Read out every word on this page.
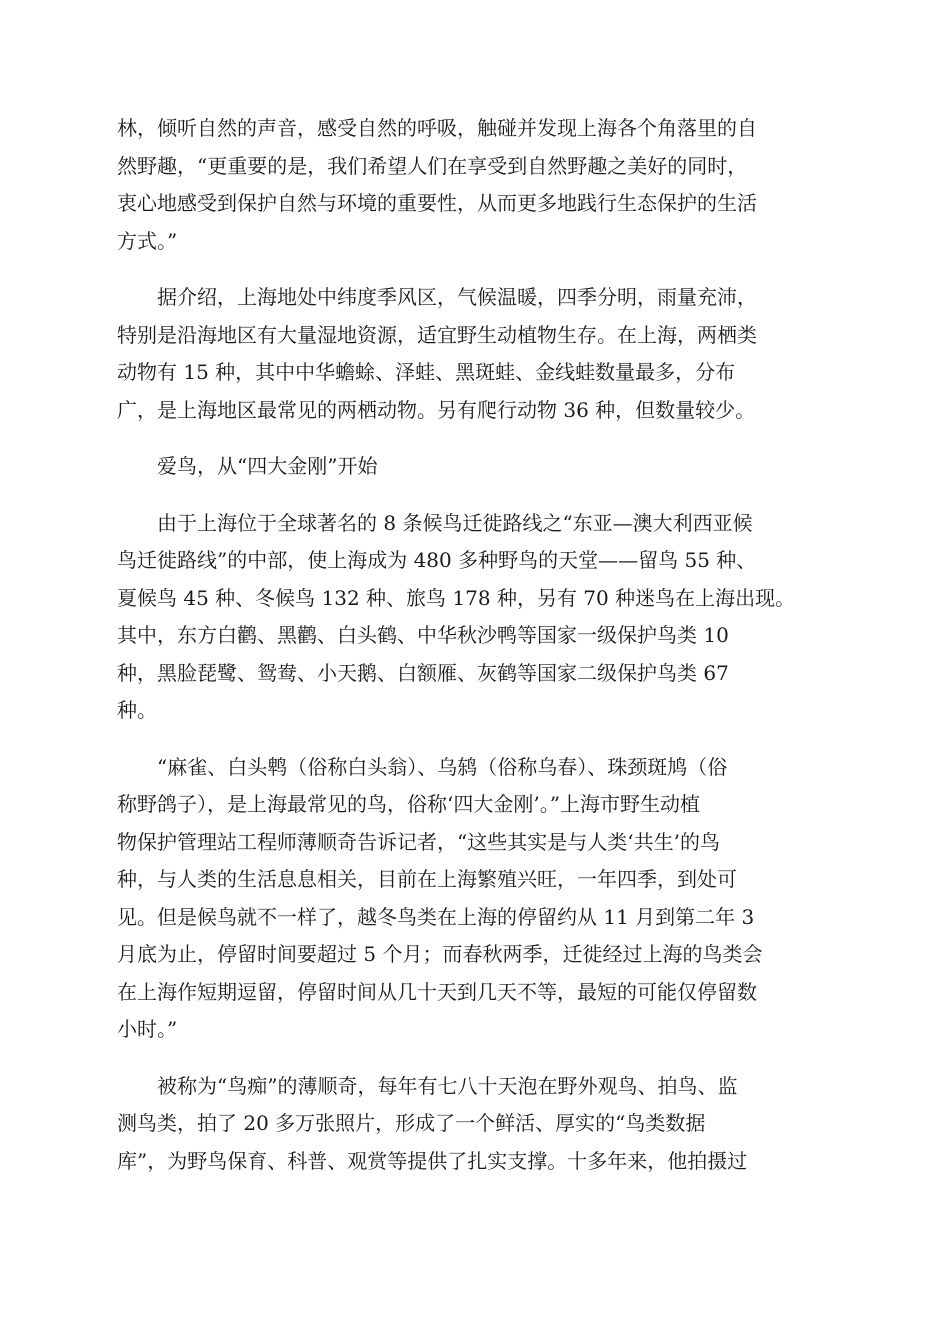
林，倾听自然的声音，感受自然的呼吸，触碰并发现上海各个角落里的自
然野趣，“更重要的是，我们希望人们在享受到自然野趣之美好的同时，
衷心地感受到保护自然与环境的重要性，从而更多地践行生态保护的生活
方式。”

　　据介绍，上海地处中纬度季风区，气候温暖，四季分明，雨量充沛，
特别是沿海地区有大量湿地资源，适宜野生动植物生存。在上海，两栖类
动物有 15 种，其中中华蟾蜍、泽蛙、黑斑蛙、金线蛙数量最多，分布
广，是上海地区最常见的两栖动物。另有爬行动物 36 种，但数量较少。

　　爱鸟，从“四大金刚”开始

　　由于上海位于全球著名的 8 条候鸟迁徙路线之“东亚—澳大利西亚候
鸟迁徙路线”的中部，使上海成为 480 多种野鸟的天堂——留鸟 55 种、
夏候鸟 45 种、冬候鸟 132 种、旅鸟 178 种，另有 70 种迷鸟在上海出现。
其中，东方白鹳、黑鹳、白头鹤、中华秋沙鸭等国家一级保护鸟类 10
种，黑脸琵鹭、鸳鸯、小天鹅、白额雁、灰鹤等国家二级保护鸟类 67
种。

　　“麻雀、白头鹎（俗称白头翁）、乌鸫（俗称乌春）、珠颈斑鸠（俗
称野鸽子），是上海最常见的鸟，俗称‘四大金刚’。”上海市野生动植
物保护管理站工程师薄顺奇告诉记者，“这些其实是与人类‘共生’的鸟
种，与人类的生活息息相关，目前在上海繁殖兴旺，一年四季，到处可
见。但是候鸟就不一样了，越冬鸟类在上海的停留约从 11 月到第二年 3
月底为止，停留时间要超过 5 个月；而春秋两季，迁徙经过上海的鸟类会
在上海作短期逗留，停留时间从几十天到几天不等，最短的可能仅停留数
小时。”

　　被称为“鸟痴”的薄顺奇，每年有七八十天泡在野外观鸟、拍鸟、监
测鸟类，拍了 20 多万张照片，形成了一个鲜活、厚实的“鸟类数据
库”，为野鸟保育、科普、观赏等提供了扎实支撑。十多年来，他拍摄过
